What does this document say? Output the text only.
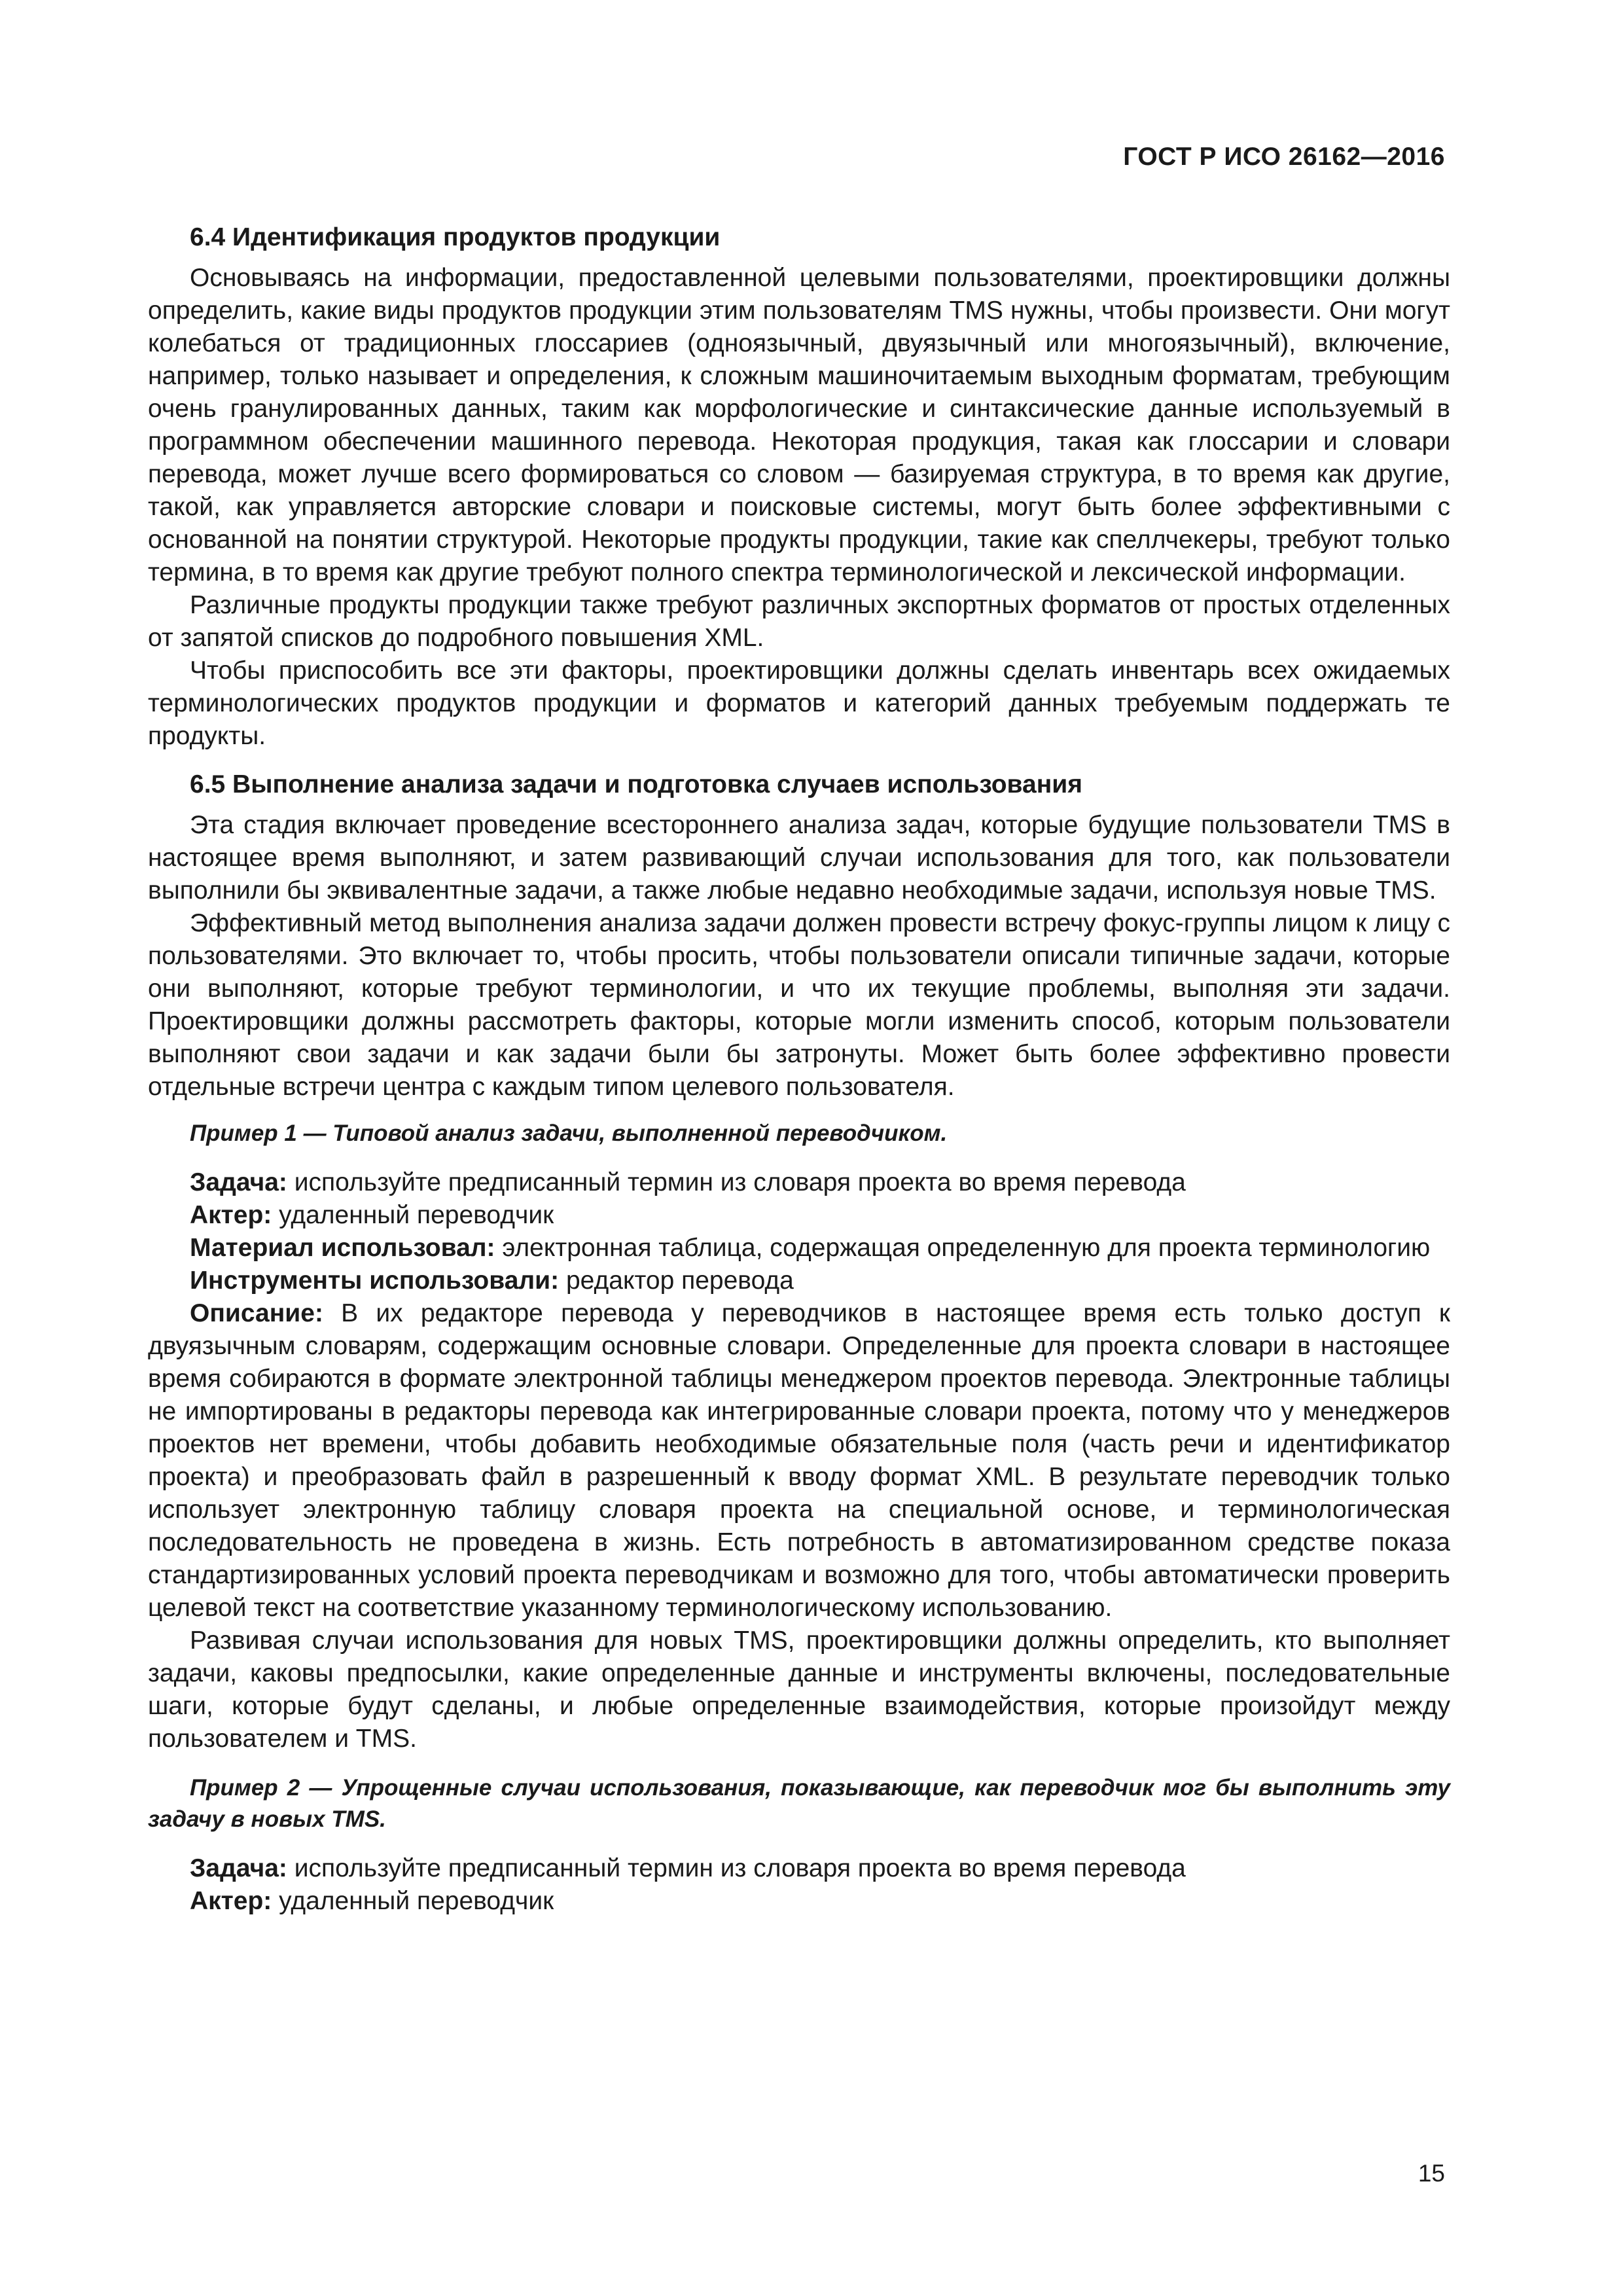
ГОСТ Р ИСО 26162—2016
6.4 Идентификация продуктов продукции

Основываясь на информации, предоставленной целевыми пользователями, проектировщики должны определить, какие виды продуктов продукции этим пользователям TMS нужны, чтобы произвести. Они могут колебаться от традиционных глоссариев (одноязычный, двуязычный или многоязычный), включение, например, только называет и определения, к сложным машиночитаемым выходным форматам, требующим очень гранулированных данных, таким как морфологические и синтаксические данные используемый в программном обеспечении машинного перевода. Некоторая продукция, такая как глоссарии и словари перевода, может лучше всего формироваться со словом — базируемая структура, в то время как другие, такой, как управляется авторские словари и поисковые системы, могут быть более эффективными с основанной на понятии структурой. Некоторые продукты продукции, такие как спеллчекеры, требуют только термина, в то время как другие требуют полного спектра терминологической и лексической информации.

Различные продукты продукции также требуют различных экспортных форматов от простых отделенных от запятой списков до подробного повышения XML.

Чтобы приспособить все эти факторы, проектировщики должны сделать инвентарь всех ожидаемых терминологических продуктов продукции и форматов и категорий данных требуемым поддержать те продукты.

6.5 Выполнение анализа задачи и подготовка случаев использования

Эта стадия включает проведение всестороннего анализа задач, которые будущие пользователи TMS в настоящее время выполняют, и затем развивающий случаи использования для того, как пользователи выполнили бы эквивалентные задачи, а также любые недавно необходимые задачи, используя новые TMS.

Эффективный метод выполнения анализа задачи должен провести встречу фокус-группы лицом к лицу с пользователями. Это включает то, чтобы просить, чтобы пользователи описали типичные задачи, которые они выполняют, которые требуют терминологии, и что их текущие проблемы, выполняя эти задачи. Проектировщики должны рассмотреть факторы, которые могли изменить способ, которым пользователи выполняют свои задачи и как задачи были бы затронуты. Может быть более эффективно провести отдельные встречи центра с каждым типом целевого пользователя.

Пример 1 — Типовой анализ задачи, выполненной переводчиком.

Задача: используйте предписанный термин из словаря проекта во время перевода

Актер: удаленный переводчик

Материал использовал: электронная таблица, содержащая определенную для проекта терминологию

Инструменты использовали: редактор перевода

Описание: В их редакторе перевода у переводчиков в настоящее время есть только доступ к двуязычным словарям, содержащим основные словари. Определенные для проекта словари в настоящее время собираются в формате электронной таблицы менеджером проектов перевода. Электронные таблицы не импортированы в редакторы перевода как интегрированные словари проекта, потому что у менеджеров проектов нет времени, чтобы добавить необходимые обязательные поля (часть речи и идентификатор проекта) и преобразовать файл в разрешенный к вводу формат XML. В результате переводчик только использует электронную таблицу словаря проекта на специальной основе, и терминологическая последовательность не проведена в жизнь. Есть потребность в автоматизированном средстве показа стандартизированных условий проекта переводчикам и возможно для того, чтобы автоматически проверить целевой текст на соответствие указанному терминологическому использованию.

Развивая случаи использования для новых TMS, проектировщики должны определить, кто выполняет задачи, каковы предпосылки, какие определенные данные и инструменты включены, последовательные шаги, которые будут сделаны, и любые определенные взаимодействия, которые произойдут между пользователем и TMS.

Пример 2 — Упрощенные случаи использования, показывающие, как переводчик мог бы выполнить эту задачу в новых TMS.

Задача: используйте предписанный термин из словаря проекта во время перевода

Актер: удаленный переводчик

15
